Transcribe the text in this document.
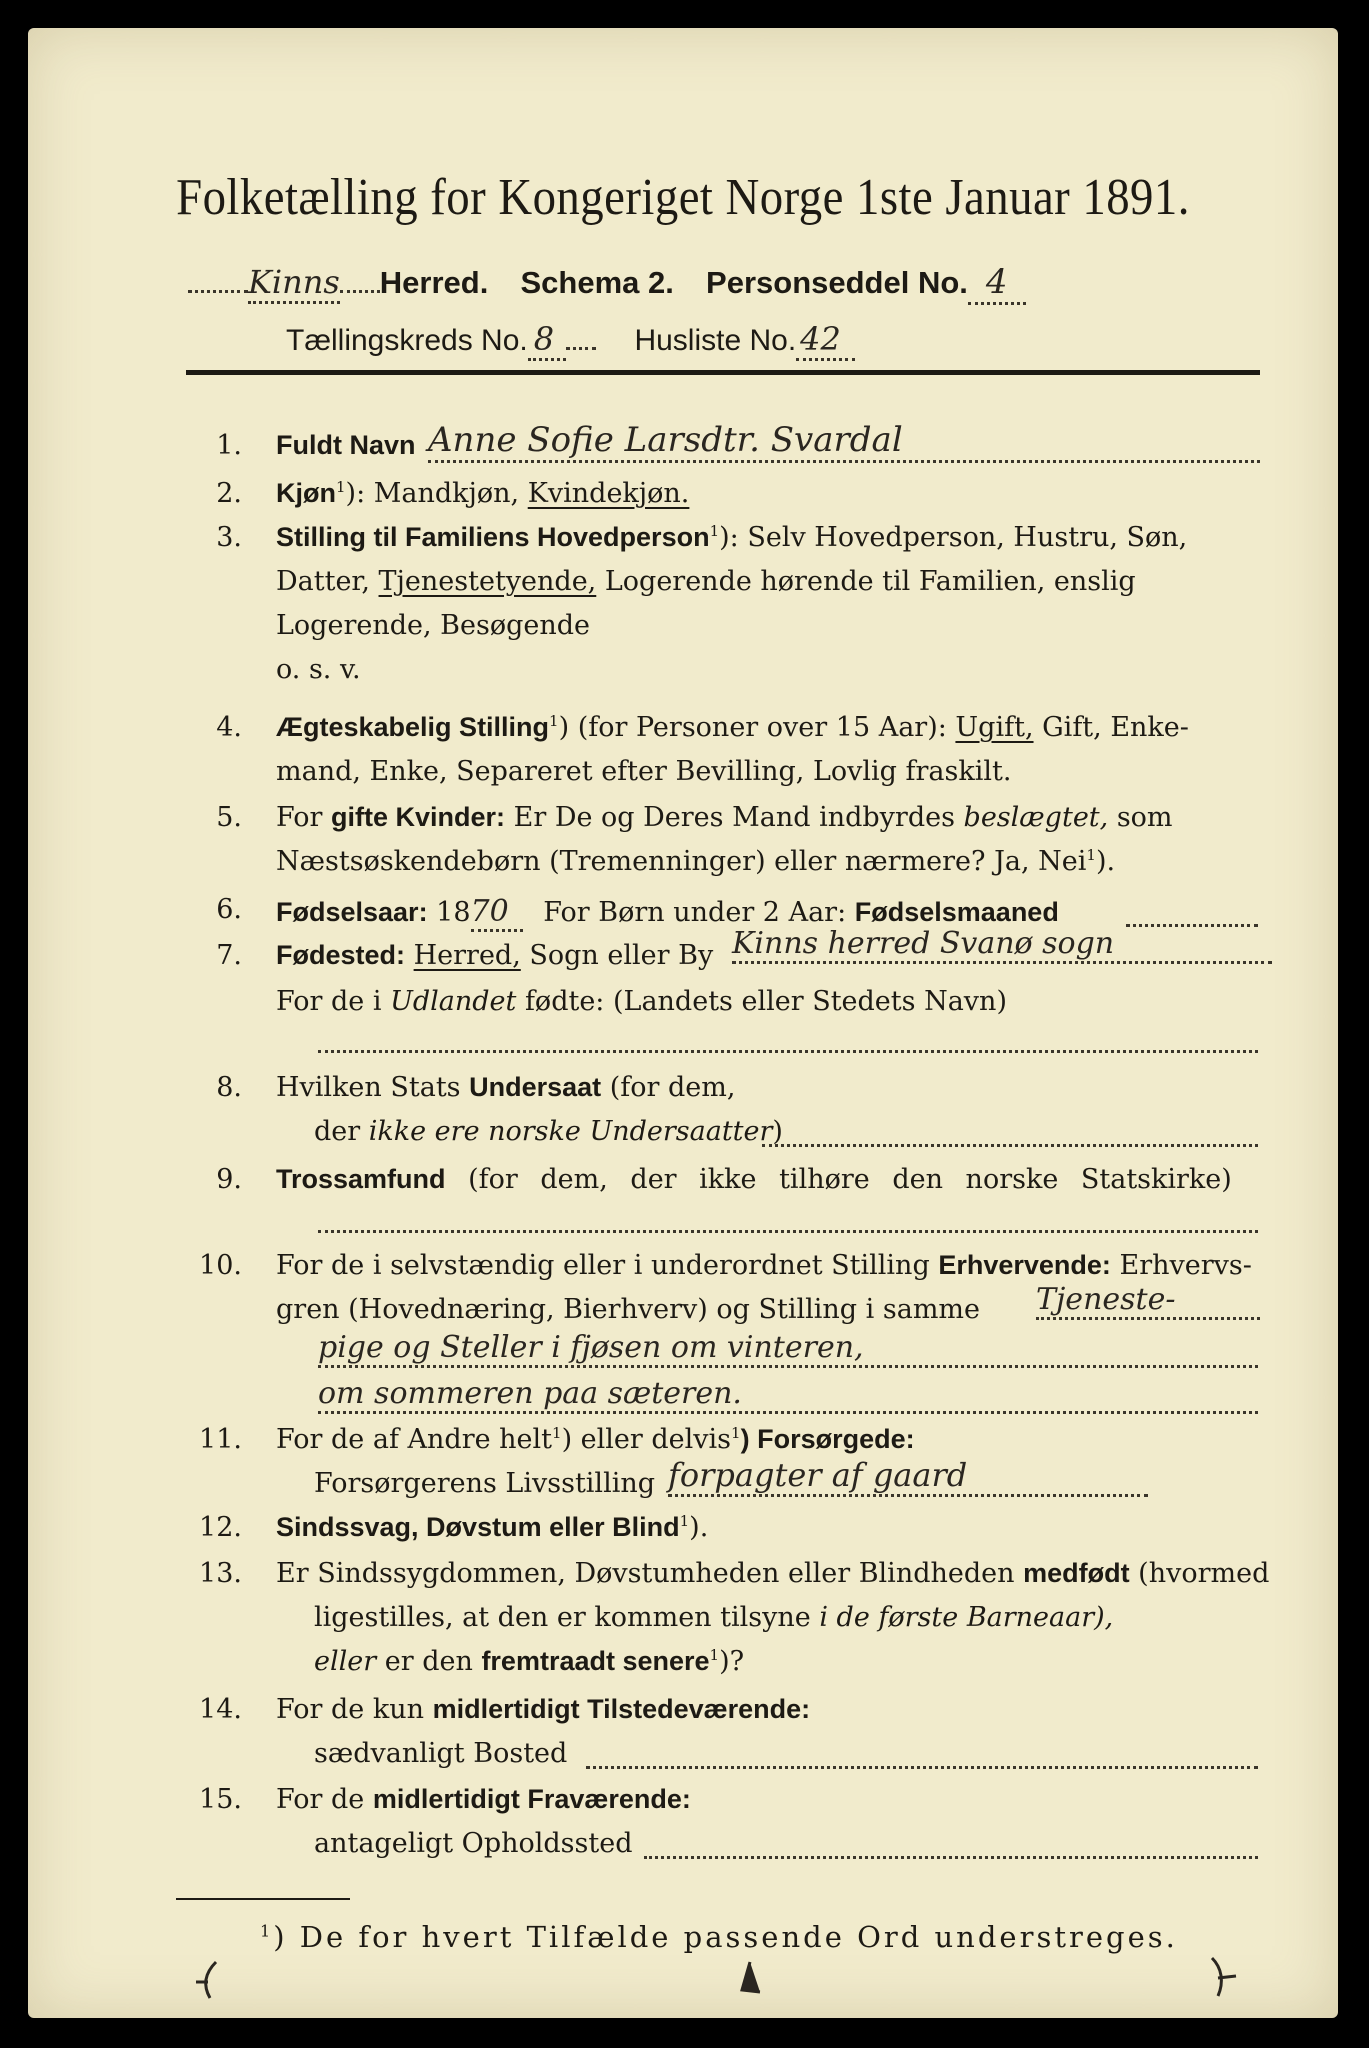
Folketælling for Kongeriget Norge 1ste Januar 1891.
Kinns Herred. Schema 2. Personseddel No. 4
Tællingskreds No. 8	Husliste No. 42
1. Fuldt Navn Anne Sofie Larsdtr. Svardal
2. Kjøn$^1$): Mandkjøn, Kvindekjøn.
3. Stilling til Familiens Hovedperson$^1$): Selv Hovedperson, Hustru, Søn,
Datter, Tjenestetyende, Logerende hørende til Familien, enslig
Logerende, Besøgende
o. s. v.
4. Ægteskabelig Stilling$^1$) (for Personer over 15 Aar): Ugift, Gift, Enke-
mand, Enke, Separeret efter Bevilling, Lovlig fraskilt.
5. For gifte Kvinder: Er De og Deres Mand indbyrdes beslægtet, som
Næstsøskendebørn (Tremenninger) eller nærmere? Ja, Nei$^1$).
6. Fødselsaar: 1870 For Børn under 2 Aar: Fødselsmaaned
7. Fødested: Herred, Sogn eller By Kinns herred Svanø sogn
For de i Udlandet fødte: (Landets eller Stedets Navn)
8. Hvilken Stats Undersaat (for dem,
der ikke ere norske Undersaatter)
9. Trossamfund (for dem, der ikke tilhøre den norske Statskirke)
10. For de i selvstændig eller i underordnet Stilling Erhvervende: Erhvervs-
gren (Hovednæring, Bierhverv) og Stilling i samme Tjeneste-
pige og Steller i fjøsen om vinteren,
om sommeren paa sæteren.
11. For de af Andre helt$^1$) eller delvis$^1$) Forsørgede:
Forsørgerens Livsstilling forpagter af gaard
12. Sindssvag, Døvstum eller Blind$^1$).
13. Er Sindssygdommen, Døvstumheden eller Blindheden medfødt (hvormed
ligestilles, at den er kommen tilsyne i de første Barneaar),
eller er den fremtraadt senere$^1$)?
14. For de kun midlertidigt Tilstedeværende:
sædvanligt Bosted
15. For de midlertidigt Fraværende:
antageligt Opholdssted
$^1$) De for hvert Tilfælde passende Ord understreges.
